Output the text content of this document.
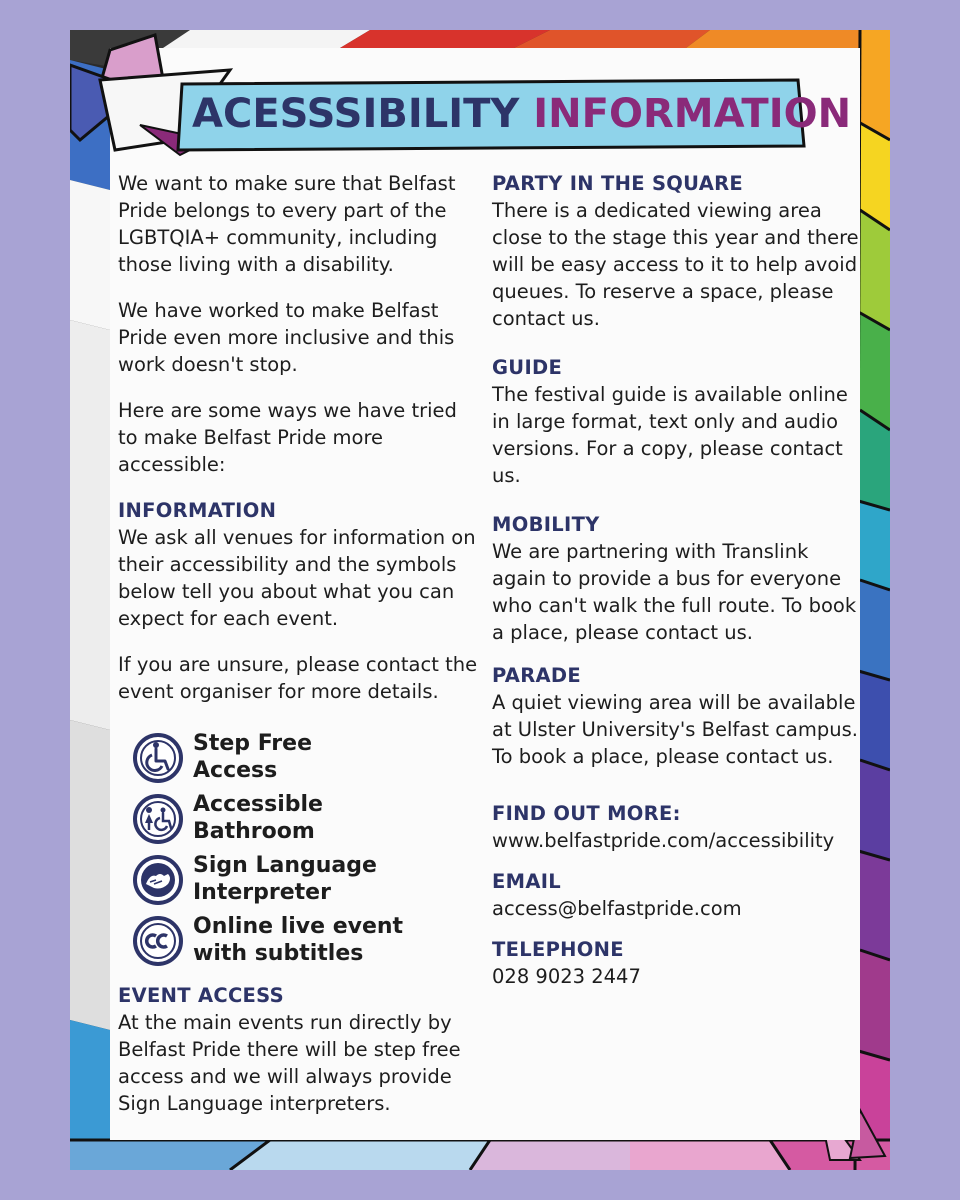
ACESSSIBILITY INFORMATION

We want to make sure that Belfast Pride belongs to every part of the LGBTQIA+ community, including those living with a disability.

We have worked to make Belfast Pride even more inclusive and this work doesn't stop.

Here are some ways we have tried to make Belfast Pride more accessible:

INFORMATION

We ask all venues for information on their accessibility and the symbols below tell you about what you can expect for each event.

If you are unsure, please contact the event organiser for more details.

Step Free
Access
Accessible
Bathroom
Sign Language
Interpreter
Online live event
with subtitles

EVENT ACCESS

At the main events run directly by Belfast Pride there will be step free access and we will always provide Sign Language interpreters.

PARTY IN THE SQUARE

There is a dedicated viewing area close to the stage this year and there will be easy access to it to help avoid queues. To reserve a space, please contact us.

GUIDE

The festival guide is available online in large format, text only and audio versions. For a copy, please contact us.

MOBILITY

We are partnering with Translink again to provide a bus for everyone who can't walk the full route. To book a place, please contact us.

PARADE

A quiet viewing area will be available at Ulster University's Belfast campus. To book a place, please contact us.

FIND OUT MORE:

www.belfastpride.com/accessibility

EMAIL

access@belfastpride.com

TELEPHONE

028 9023 2447
